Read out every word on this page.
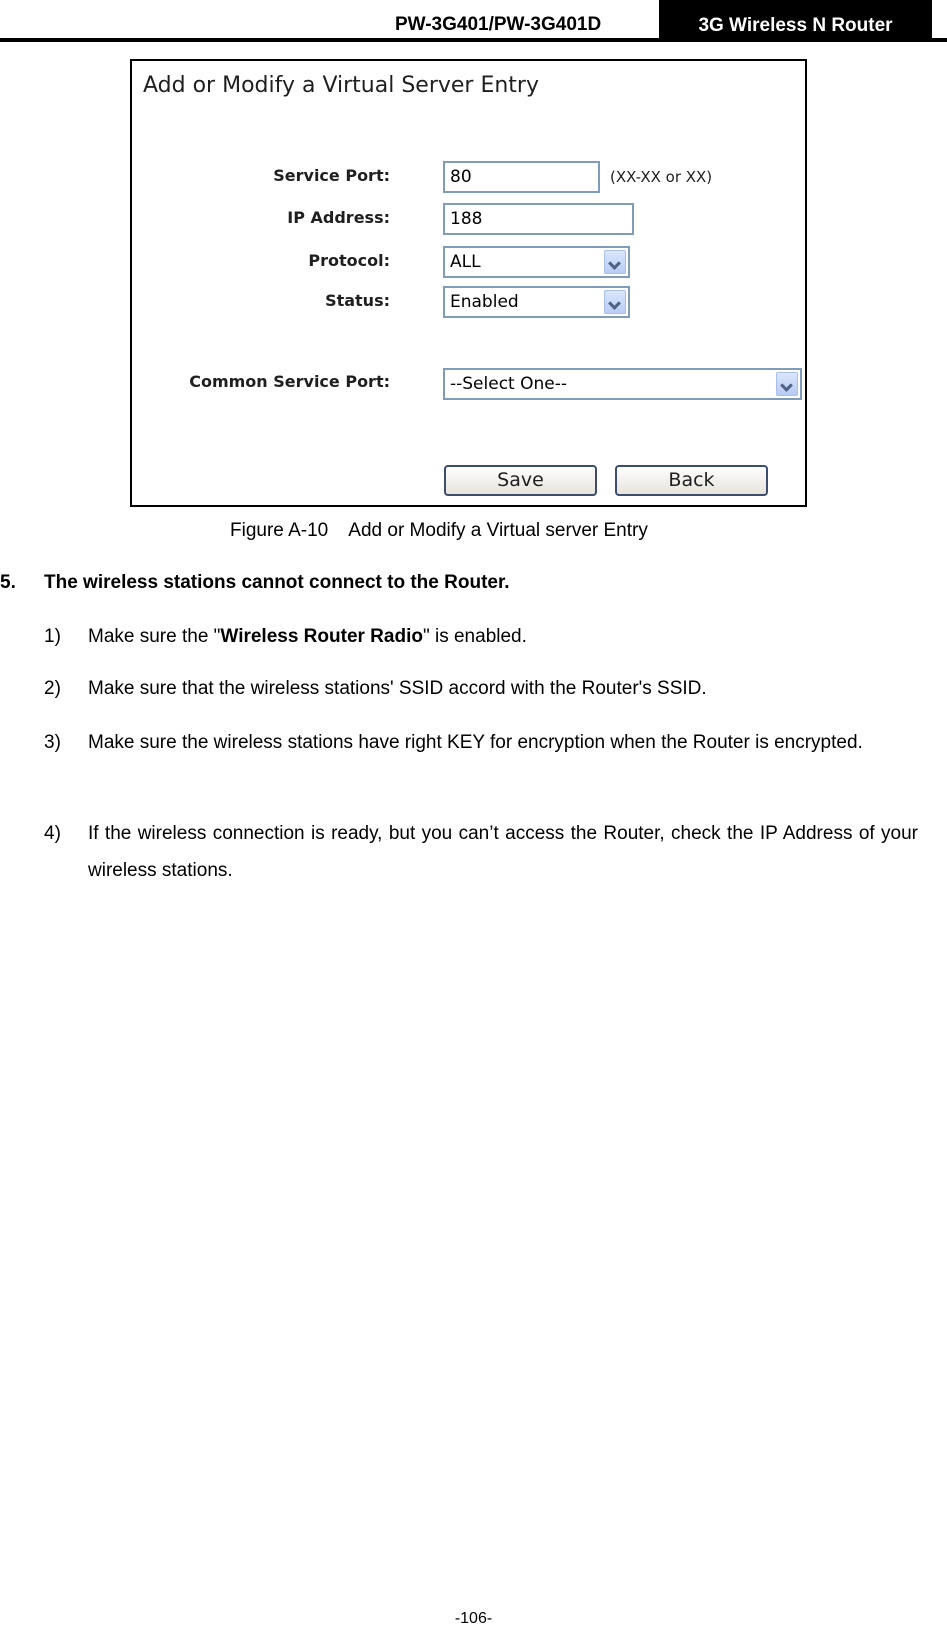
PW-3G401/PW-3G401D	3G Wireless N Router
Add or Modify a Virtual Server Entry
Service Port:	80	(XX-XX or XX)
IP Address:	188
Protocol:	ALL
Status:	Enabled
Common Service Port:	--Select One--
Save	Back
Figure A-10    Add or Modify a Virtual server Entry
5. The wireless stations cannot connect to the Router.
1) Make sure the "Wireless Router Radio" is enabled.
2) Make sure that the wireless stations' SSID accord with the Router's SSID.
3) Make sure the wireless stations have right KEY for encryption when the Router is encrypted.
4) If the wireless connection is ready, but you can’t access the Router, check the IP Address of your wireless stations.
-106-
